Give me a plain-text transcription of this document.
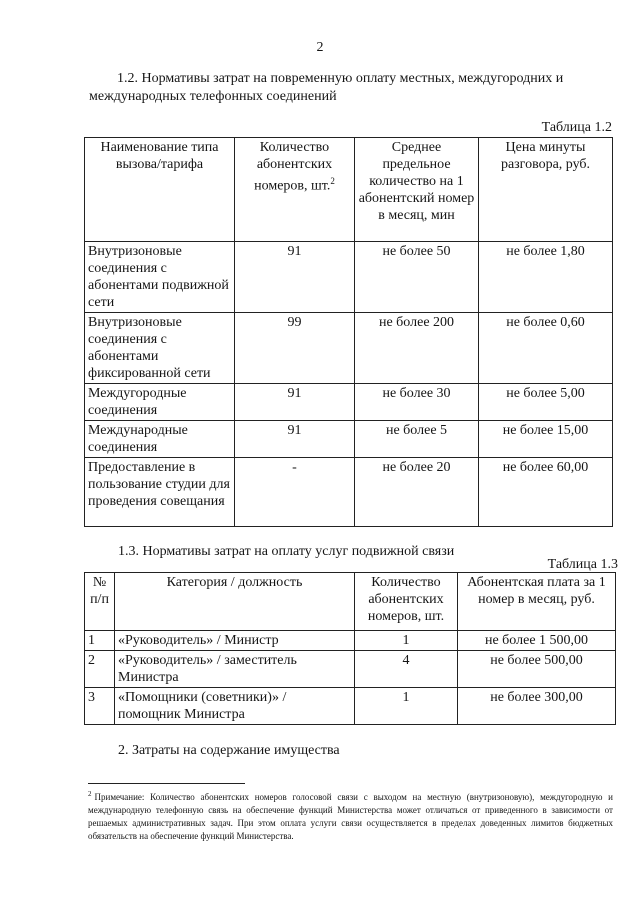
2
1.2. Нормативы затрат на повременную оплату местных, междугородних и международных телефонных соединений
Таблица 1.2
Наименование типа вызова/тарифа	Количество абонентских номеров, шт.$^2$	Среднее предельное количество на 1 абонентский номер в месяц, мин	Цена минуты разговора, руб.
Внутризоновые соединения с абонентами подвижной сети	91	не более 50	не более 1,80
Внутризоновые соединения с абонентами фиксированной сети	99	не более 200	не более 0,60
Междугородные соединения	91	не более 30	не более 5,00
Международные соединения	91	не более 5	не более 15,00
Предоставление в пользование студии для проведения совещания	-	не более 20	не более 60,00
1.3. Нормативы затрат на оплату услуг подвижной связи
Таблица 1.3
№ п/п	Категория / должность	Количество абонентских номеров, шт.	Абонентская плата за 1 номер в месяц, руб.
1	«Руководитель» / Министр	1	не более 1 500,00
2	«Руководитель» / заместитель Министра	4	не более 500,00
3	«Помощники (советники)» / помощник Министра	1	не более 300,00
2. Затраты на содержание имущества
$^2$ Примечание: Количество абонентских номеров голосовой связи с выходом на местную (внутризоновую), междугородную и международную телефонную связь на обеспечение функций Министерства может отличаться от приведенного в зависимости от решаемых административных задач. При этом оплата услуги связи осуществляется в пределах доведенных лимитов бюджетных обязательств на обеспечение функций Министерства.
